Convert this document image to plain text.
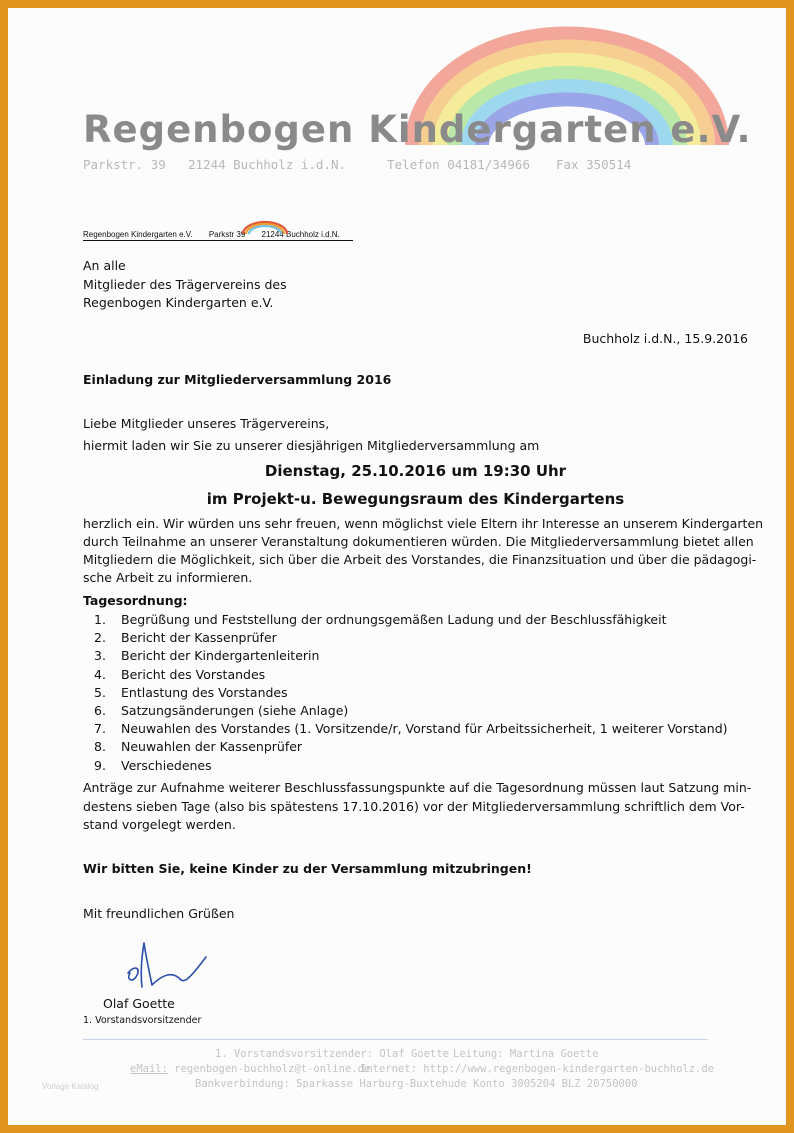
Regenbogen Kindergarten e.V.
Parkstr. 39 21244 Buchholz i.d.N.	Telefon 04181/34966 Fax 350514
Regenbogen Kindergarten e.V. Parkstr 39 21244 Buchholz i.d.N.
An alle
Mitglieder des Trägervereins des
Regenbogen Kindergarten e.V.
Buchholz i.d.N., 15.9.2016
Einladung zur Mitgliederversammlung 2016
Liebe Mitglieder unseres Trägervereins,
hiermit laden wir Sie zu unserer diesjährigen Mitgliederversammlung am
Dienstag, 25.10.2016 um 19:30 Uhr
im Projekt-u. Bewegungsraum des Kindergartens
herzlich ein. Wir würden uns sehr freuen, wenn möglichst viele Eltern ihr Interesse an unserem Kindergarten
durch Teilnahme an unserer Veranstaltung dokumentieren würden. Die Mitgliederversammlung bietet allen
Mitgliedern die Möglichkeit, sich über die Arbeit des Vorstandes, die Finanzsituation und über die pädagogi-
sche Arbeit zu informieren.
Tagesordnung:
1. Begrüßung und Feststellung der ordnungsgemäßen Ladung und der Beschlussfähigkeit
2. Bericht der Kassenprüfer
3. Bericht der Kindergartenleiterin
4. Bericht des Vorstandes
5. Entlastung des Vorstandes
6. Satzungsänderungen (siehe Anlage)
7. Neuwahlen des Vorstandes (1. Vorsitzende/r, Vorstand für Arbeitssicherheit, 1 weiterer Vorstand)
8. Neuwahlen der Kassenprüfer
9. Verschiedenes
Anträge zur Aufnahme weiterer Beschlussfassungspunkte auf die Tagesordnung müssen laut Satzung min-
destens sieben Tage (also bis spätestens 17.10.2016) vor der Mitgliederversammlung schriftlich dem Vor-
stand vorgelegt werden.
Wir bitten Sie, keine Kinder zu der Versammlung mitzubringen!
Mit freundlichen Grüßen
Olaf Goette
1. Vorstandsvorsitzender
1. Vorstandsvorsitzender: Olaf Goette Leitung: Martina Goette
eMail: regenbogen-buchholz@t-online.de
Internet: http://www.regenbogen-kindergarten-buchholz.de
Bankverbindung: Sparkasse Harburg-Buxtehude Konto 3005204 BLZ 20750000
Vorlage Katalog
